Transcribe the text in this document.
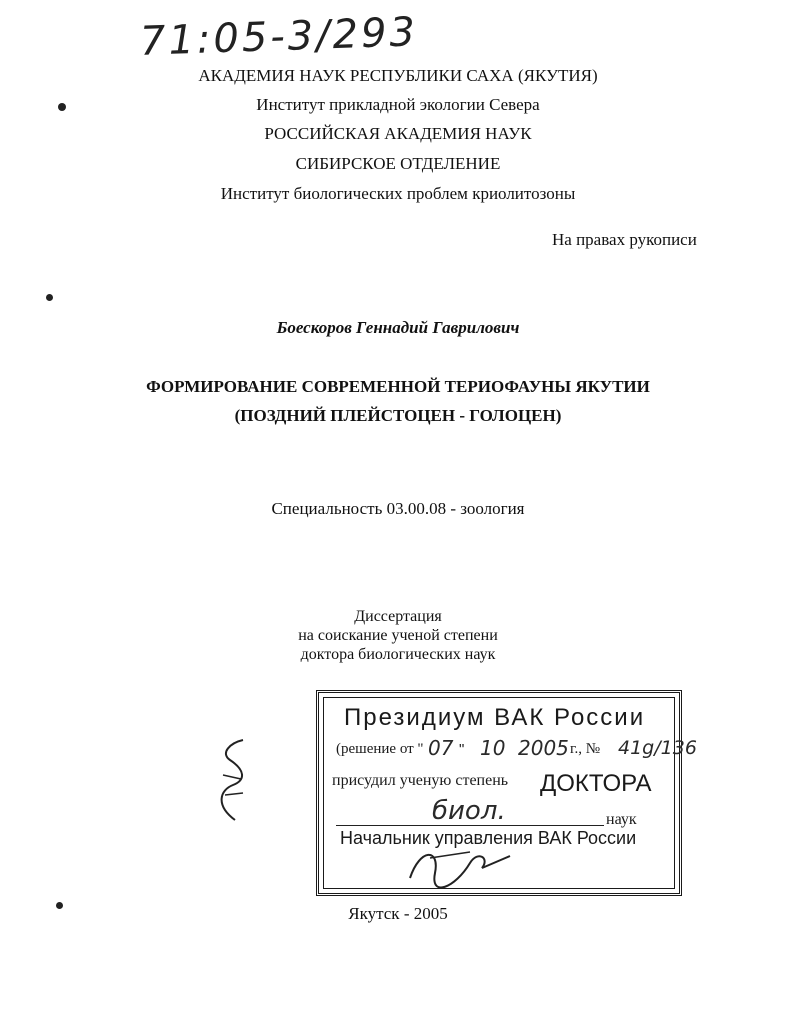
71:05-3/293
АКАДЕМИЯ НАУК РЕСПУБЛИКИ САХА (ЯКУТИЯ)
Институт прикладной экологии Севера
РОССИЙСКАЯ АКАДЕМИЯ НАУК
СИБИРСКОЕ ОТДЕЛЕНИЕ
Институт биологических проблем криолитозоны
На правах рукописи
Боескоров Геннадий Гаврилович
ФОРМИРОВАНИЕ СОВРЕМЕННОЙ ТЕРИОФАУНЫ ЯКУТИИ
(ПОЗДНИЙ ПЛЕЙСТОЦЕН - ГОЛОЦЕН)
Специальность 03.00.08 - зоология
Диссертация
на соискание ученой степени
доктора биологических наук
Президиум ВАК России
(решение от " 07 " 10 2005 г., № 41g/136
присудил ученую степень ДОКТОРА
биол.	наук
Начальник управления ВАК России
Якутск - 2005
